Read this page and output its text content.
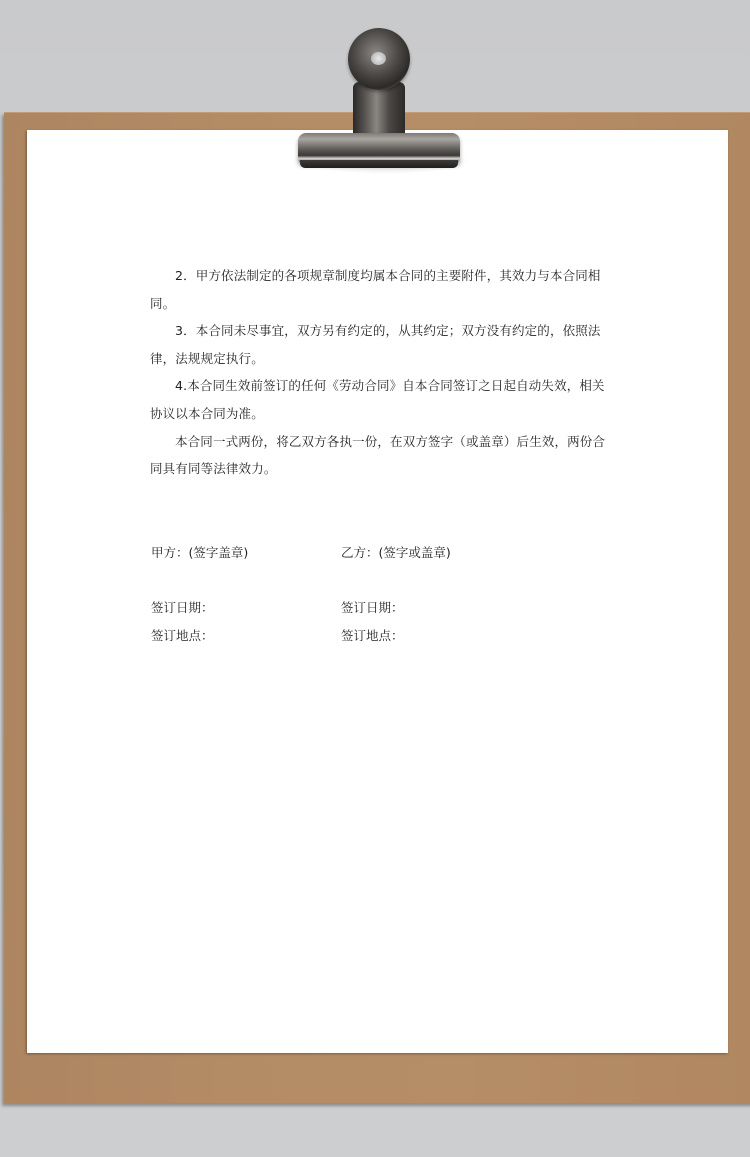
2．甲方依法制定的各项规章制度均属本合同的主要附件，其效力与本合同相同。

3．本合同未尽事宜，双方另有约定的，从其约定；双方没有约定的，依照法律，法规规定执行。

4.本合同生效前签订的任何《劳动合同》自本合同签订之日起自动失效，相关协议以本合同为准。

本合同一式两份，将乙双方各执一份，在双方签字（或盖章）后生效，两份合同具有同等法律效力。

甲方：(签字盖章)	乙方：(签字或盖章)
签订日期：	签订日期：
签订地点：	签订地点：
